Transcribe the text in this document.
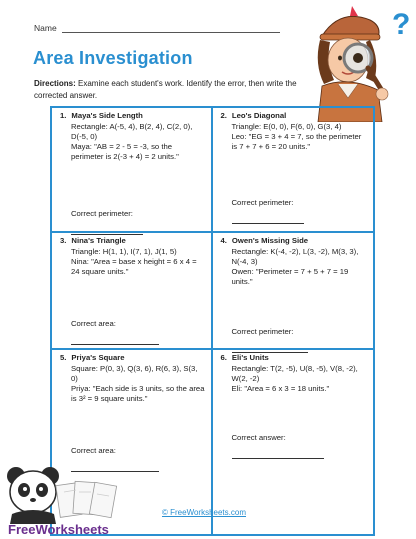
Name
Area Investigation
Directions: Examine each student's work. Identify the error, then write the corrected answer.
?
1. Maya's Side Length

Rectangle: A(-5, 4), B(2, 4), C(2, 0), D(-5, 0)

Maya: "AB = 2 - 5 = -3, so the perimeter is 2(-3 + 4) = 2 units."

Correct perimeter:
2. Leo's Diagonal

Triangle: E(0, 0), F(6, 0), G(3, 4)

Leo: "EG = 3 + 4 = 7, so the perimeter is 7 + 7 + 6 = 20 units."

Correct perimeter:
3. Nina's Triangle

Triangle: H(1, 1), I(7, 1), J(1, 5)

Nina: "Area = base x height = 6 x 4 = 24 square units."

Correct area:
4. Owen's Missing Side

Rectangle: K(-4, -2), L(3, -2), M(3, 3), N(-4, 3)

Owen: "Perimeter = 7 + 5 + 7 = 19 units."

Correct perimeter:
5. Priya's Square

Square: P(0, 3), Q(3, 6), R(6, 3), S(3, 0)

Priya: "Each side is 3 units, so the area is 3² = 9 square units."

Correct area:
6. Eli's Units

Rectangle: T(2, -5), U(8, -5), V(8, -2), W(2, -2)

Eli: "Area = 6 x 3 = 18 units."

Correct answer:
FreeWorksheets
© FreeWorksheets.com
